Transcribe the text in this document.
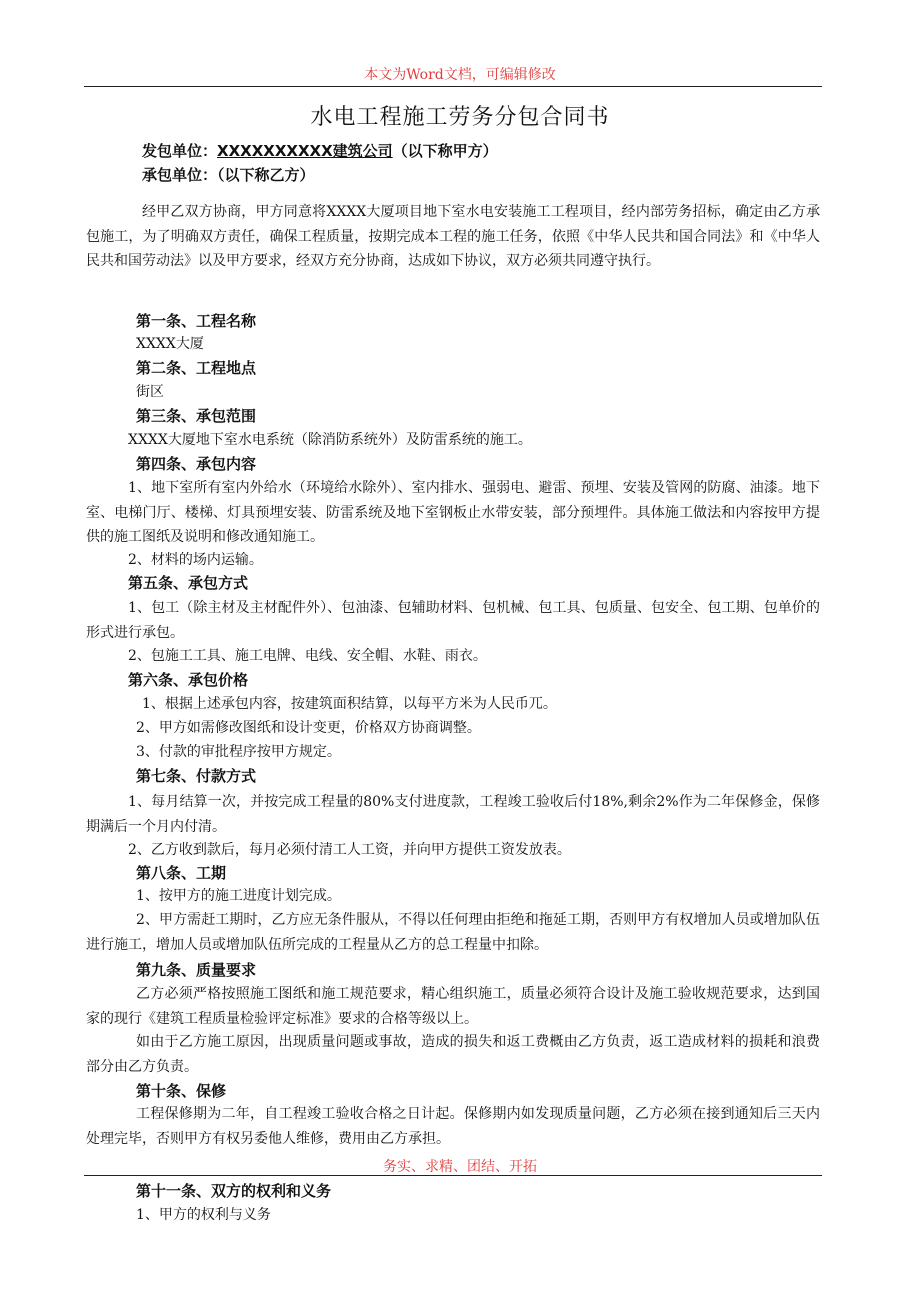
本文为Word文档，可编辑修改
水电工程施工劳务分包合同书
发包单位：XXXXXXXXXX建筑公司（以下称甲方）
承包单位：（以下称乙方）
经甲乙双方协商，甲方同意将XXXX大厦项目地下室水电安装施工工程项目，经内部劳务招标，确定由乙方承包施工，为了明确双方责任，确保工程质量，按期完成本工程的施工任务，依照《中华人民共和国合同法》和《中华人民共和国劳动法》以及甲方要求，经双方充分协商，达成如下协议，双方必须共同遵守执行。
第一条、工程名称
XXXX大厦
第二条、工程地点
街区
第三条、承包范围
XXXX大厦地下室水电系统（除消防系统外）及防雷系统的施工。
第四条、承包内容
1、地下室所有室内外给水（环境给水除外）、室内排水、强弱电、避雷、预埋、安装及管网的防腐、油漆。地下室、电梯门厅、楼梯、灯具预埋安装、防雷系统及地下室钢板止水带安装，部分预埋件。具体施工做法和内容按甲方提供的施工图纸及说明和修改通知施工。
2、材料的场内运输。
第五条、承包方式
1、包工（除主材及主材配件外）、包油漆、包辅助材料、包机械、包工具、包质量、包安全、包工期、包单价的形式进行承包。
2、包施工工具、施工电牌、电线、安全帽、水鞋、雨衣。
第六条、承包价格
1、根据上述承包内容，按建筑面积结算，以每平方米为人民币兀。
2、甲方如需修改图纸和设计变更，价格双方协商调整。
3、付款的审批程序按甲方规定。
第七条、付款方式
1、每月结算一次，并按完成工程量的80%支付进度款，工程竣工验收后付18%,剩余2%作为二年保修金，保修期满后一个月内付清。
2、乙方收到款后，每月必须付清工人工资，并向甲方提供工资发放表。
第八条、工期
1、按甲方的施工进度计划完成。
2、甲方需赶工期时，乙方应无条件服从，不得以任何理由拒绝和拖延工期，否则甲方有权增加人员或增加队伍进行施工，增加人员或增加队伍所完成的工程量从乙方的总工程量中扣除。
第九条、质量要求
乙方必须严格按照施工图纸和施工规范要求，精心组织施工，质量必须符合设计及施工验收规范要求，达到国家的现行《建筑工程质量检验评定标准》要求的合格等级以上。
如由于乙方施工原因，出现质量问题或事故，造成的损失和返工费概由乙方负责，返工造成材料的损耗和浪费部分由乙方负责。
第十条、保修
工程保修期为二年，自工程竣工验收合格之日计起。保修期内如发现质量问题，乙方必须在接到通知后三天内处理完毕，否则甲方有权另委他人维修，费用由乙方承担。
务实、求精、团结、开拓
第十一条、双方的权利和义务
1、甲方的权利与义务
